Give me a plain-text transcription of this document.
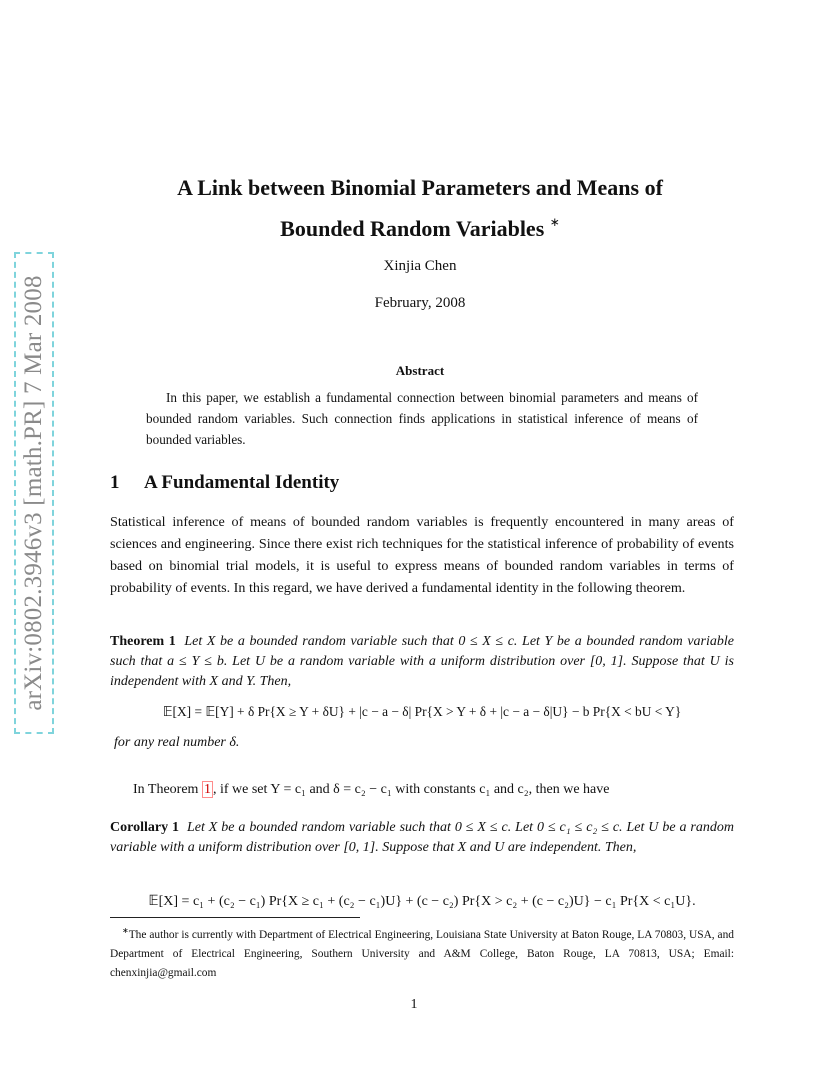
arXiv:0802.3946v3 [math.PR] 7 Mar 2008
A Link between Binomial Parameters and Means of
Bounded Random Variables ∗
Xinjia Chen
February, 2008
Abstract
In this paper, we establish a fundamental connection between binomial parameters and means of bounded random variables. Such connection finds applications in statistical inference of means of bounded variables.
1 A Fundamental Identity
Statistical inference of means of bounded random variables is frequently encountered in many areas of sciences and engineering. Since there exist rich techniques for the statistical inference of probability of events based on binomial trial models, it is useful to express means of bounded random variables in terms of probability of events. In this regard, we have derived a fundamental identity in the following theorem.
Theorem 1 Let X be a bounded random variable such that 0 ≤ X ≤ c. Let Y be a bounded random variable such that a ≤ Y ≤ b. Let U be a random variable with a uniform distribution over [0, 1]. Suppose that U is independent with X and Y. Then,
𝔼[X] = 𝔼[Y] + δ Pr{X ≥ Y + δU} + |c − a − δ| Pr{X > Y + δ + |c − a − δ|U} − b Pr{X < bU < Y}
for any real number δ.
In Theorem 1 , if we set Y = c₁ and δ = c₂ − c₁ with constants c₁ and c₂, then we have
Corollary 1 Let X be a bounded random variable such that 0 ≤ X ≤ c. Let 0 ≤ c₁ ≤ c₂ ≤ c. Let U be a random variable with a uniform distribution over [0, 1]. Suppose that X and U are independent. Then,
𝔼[X] = c₁ + (c₂ − c₁) Pr{X ≥ c₁ + (c₂ − c₁)U} + (c − c₂) Pr{X > c₂ + (c − c₂)U} − c₁ Pr{X < c₁U}.
∗The author is currently with Department of Electrical Engineering, Louisiana State University at Baton Rouge, LA 70803, USA, and Department of Electrical Engineering, Southern University and A&M College, Baton Rouge, LA 70813, USA; Email: chenxinjia@gmail.com
1
